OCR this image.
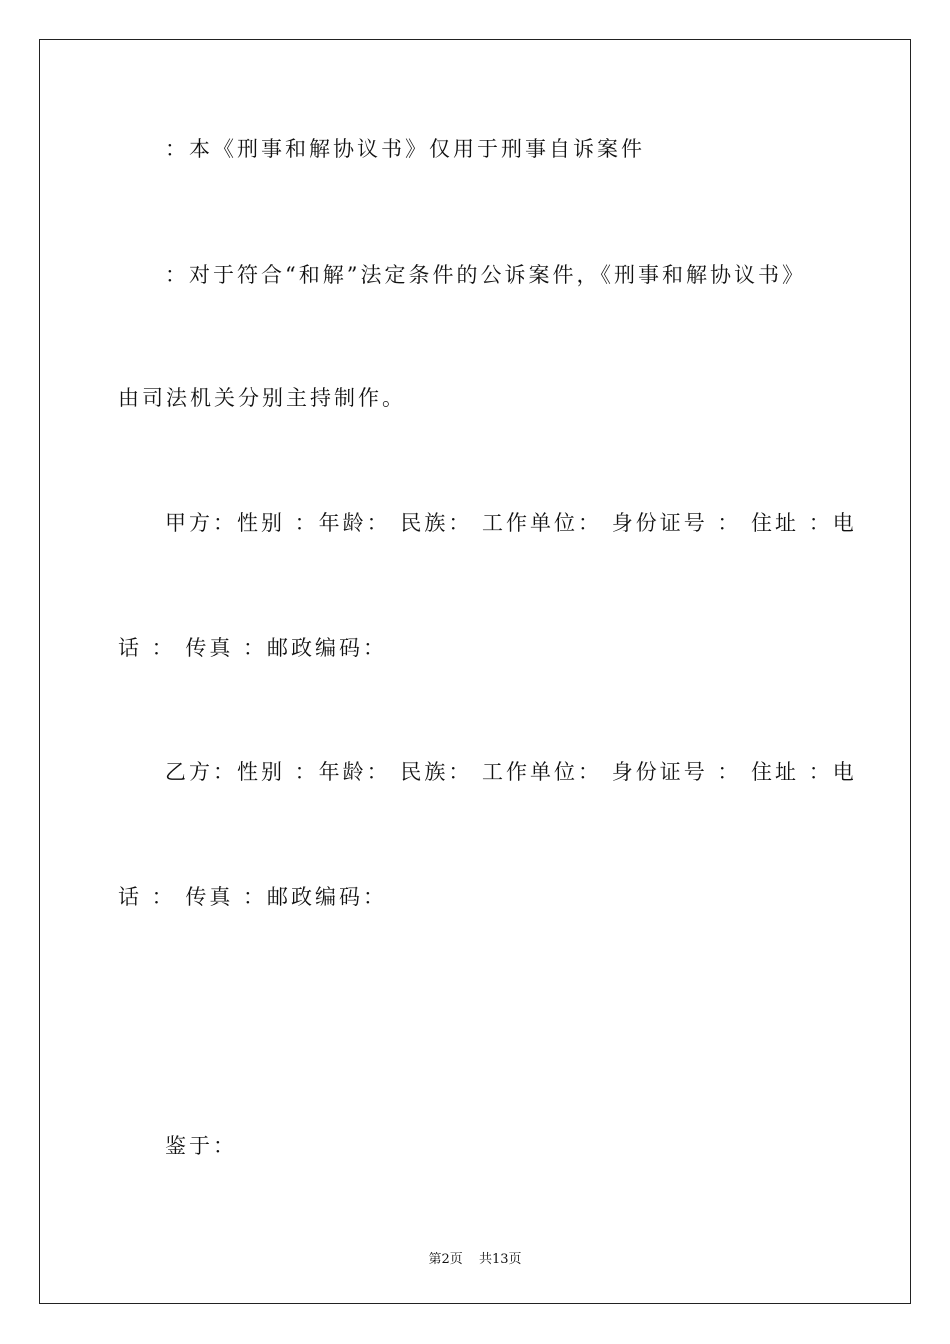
：本《刑事和解协议书》仅用于刑事自诉案件
：对于符合“和解”法定条件的公诉案件，《刑事和解协议书》
由司法机关分别主持制作。
甲方：性别 ：年龄： 民族： 工作单位： 身份证号 ： 住址 ：电
话 ： 传真 ：邮政编码：
乙方：性别 ：年龄： 民族： 工作单位： 身份证号 ： 住址 ：电
话 ： 传真 ：邮政编码：
鉴于：
第2页 共13页
